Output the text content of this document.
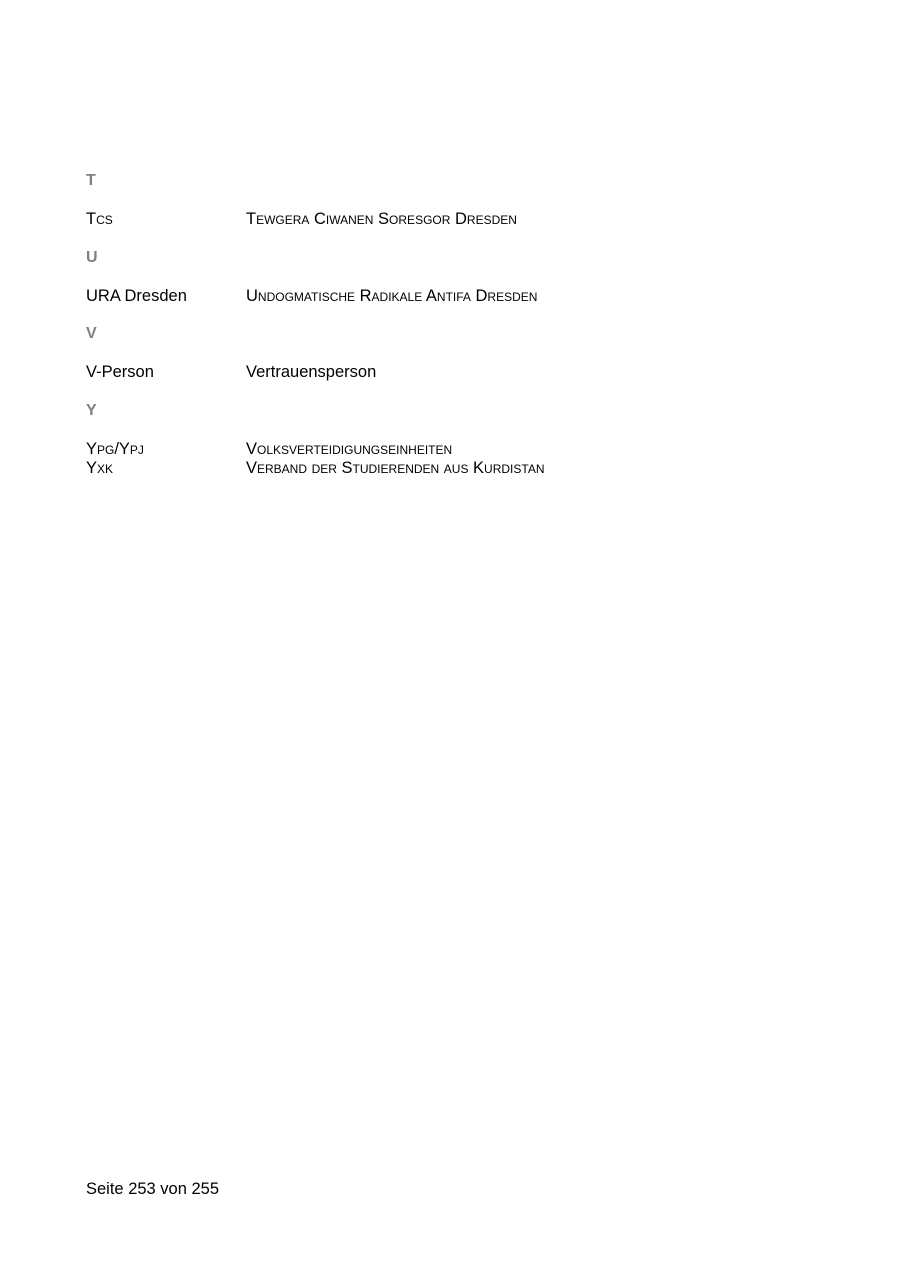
T
Tcs	Tewgera Ciwanen Soresgor Dresden
U
URA Dresden	Undogmatische Radikale Antifa Dresden
V
V-Person	Vertrauensperson
Y
Ypg/Ypj	Volksverteidigungseinheiten
Yxk	Verband der Studierenden aus Kurdistan
Seite 253 von 255
